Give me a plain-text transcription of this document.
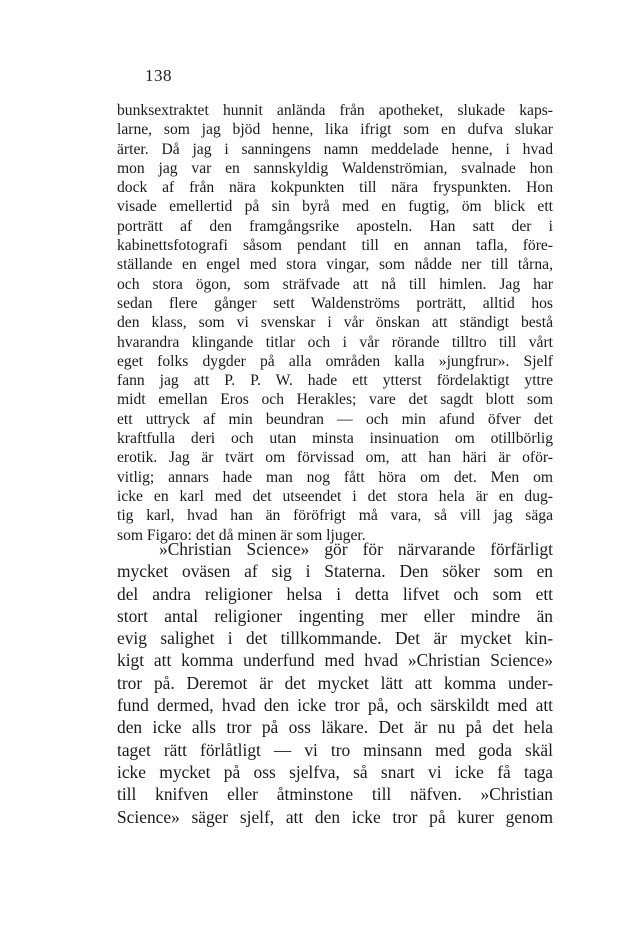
138
bunksextraktet hunnit anlända från apotheket, slukade kaps-
larne, som jag bjöd henne, lika ifrigt som en dufva slukar
ärter. Då jag i sanningens namn meddelade henne, i hvad
mon jag var en sannskyldig Waldenströmian, svalnade hon
dock af från nära kokpunkten till nära fryspunkten. Hon
visade emellertid på sin byrå med en fugtig, öm blick ett
porträtt af den framgångsrike aposteln. Han satt der i
kabinettsfotografi såsom pendant till en annan tafla, före-
ställande en engel med stora vingar, som nådde ner till tårna,
och stora ögon, som sträfvade att nå till himlen. Jag har
sedan flere gånger sett Waldenströms porträtt, alltid hos
den klass, som vi svenskar i vår önskan att ständigt bestå
hvarandra klingande titlar och i vår rörande tilltro till vårt
eget folks dygder på alla områden kalla »jungfrur». Sjelf
fann jag att P. P. W. hade ett ytterst fördelaktigt yttre
midt emellan Eros och Herakles; vare det sagdt blott som
ett uttryck af min beundran — och min afund öfver det
kraftfulla deri och utan minsta insinuation om otillbörlig
erotik. Jag är tvärt om förvissad om, att han häri är oför-
vitlig; annars hade man nog fått höra om det. Men om
icke en karl med det utseendet i det stora hela är en dug-
tig karl, hvad han än föröfrigt må vara, så vill jag säga
som Figaro: det då minen är som ljuger.
»Christian Science» gör för närvarande förfärligt
mycket oväsen af sig i Staterna. Den söker som en
del andra religioner helsa i detta lifvet och som ett
stort antal religioner ingenting mer eller mindre än
evig salighet i det tillkommande. Det är mycket kin-
kigt att komma underfund med hvad »Christian Science»
tror på. Deremot är det mycket lätt att komma under-
fund dermed, hvad den icke tror på, och särskildt med att
den icke alls tror på oss läkare. Det är nu på det hela
taget rätt förlåtligt — vi tro minsann med goda skäl
icke mycket på oss sjelfva, så snart vi icke få taga
till knifven eller åtminstone till näfven. »Christian
Science» säger sjelf, att den icke tror på kurer genom
